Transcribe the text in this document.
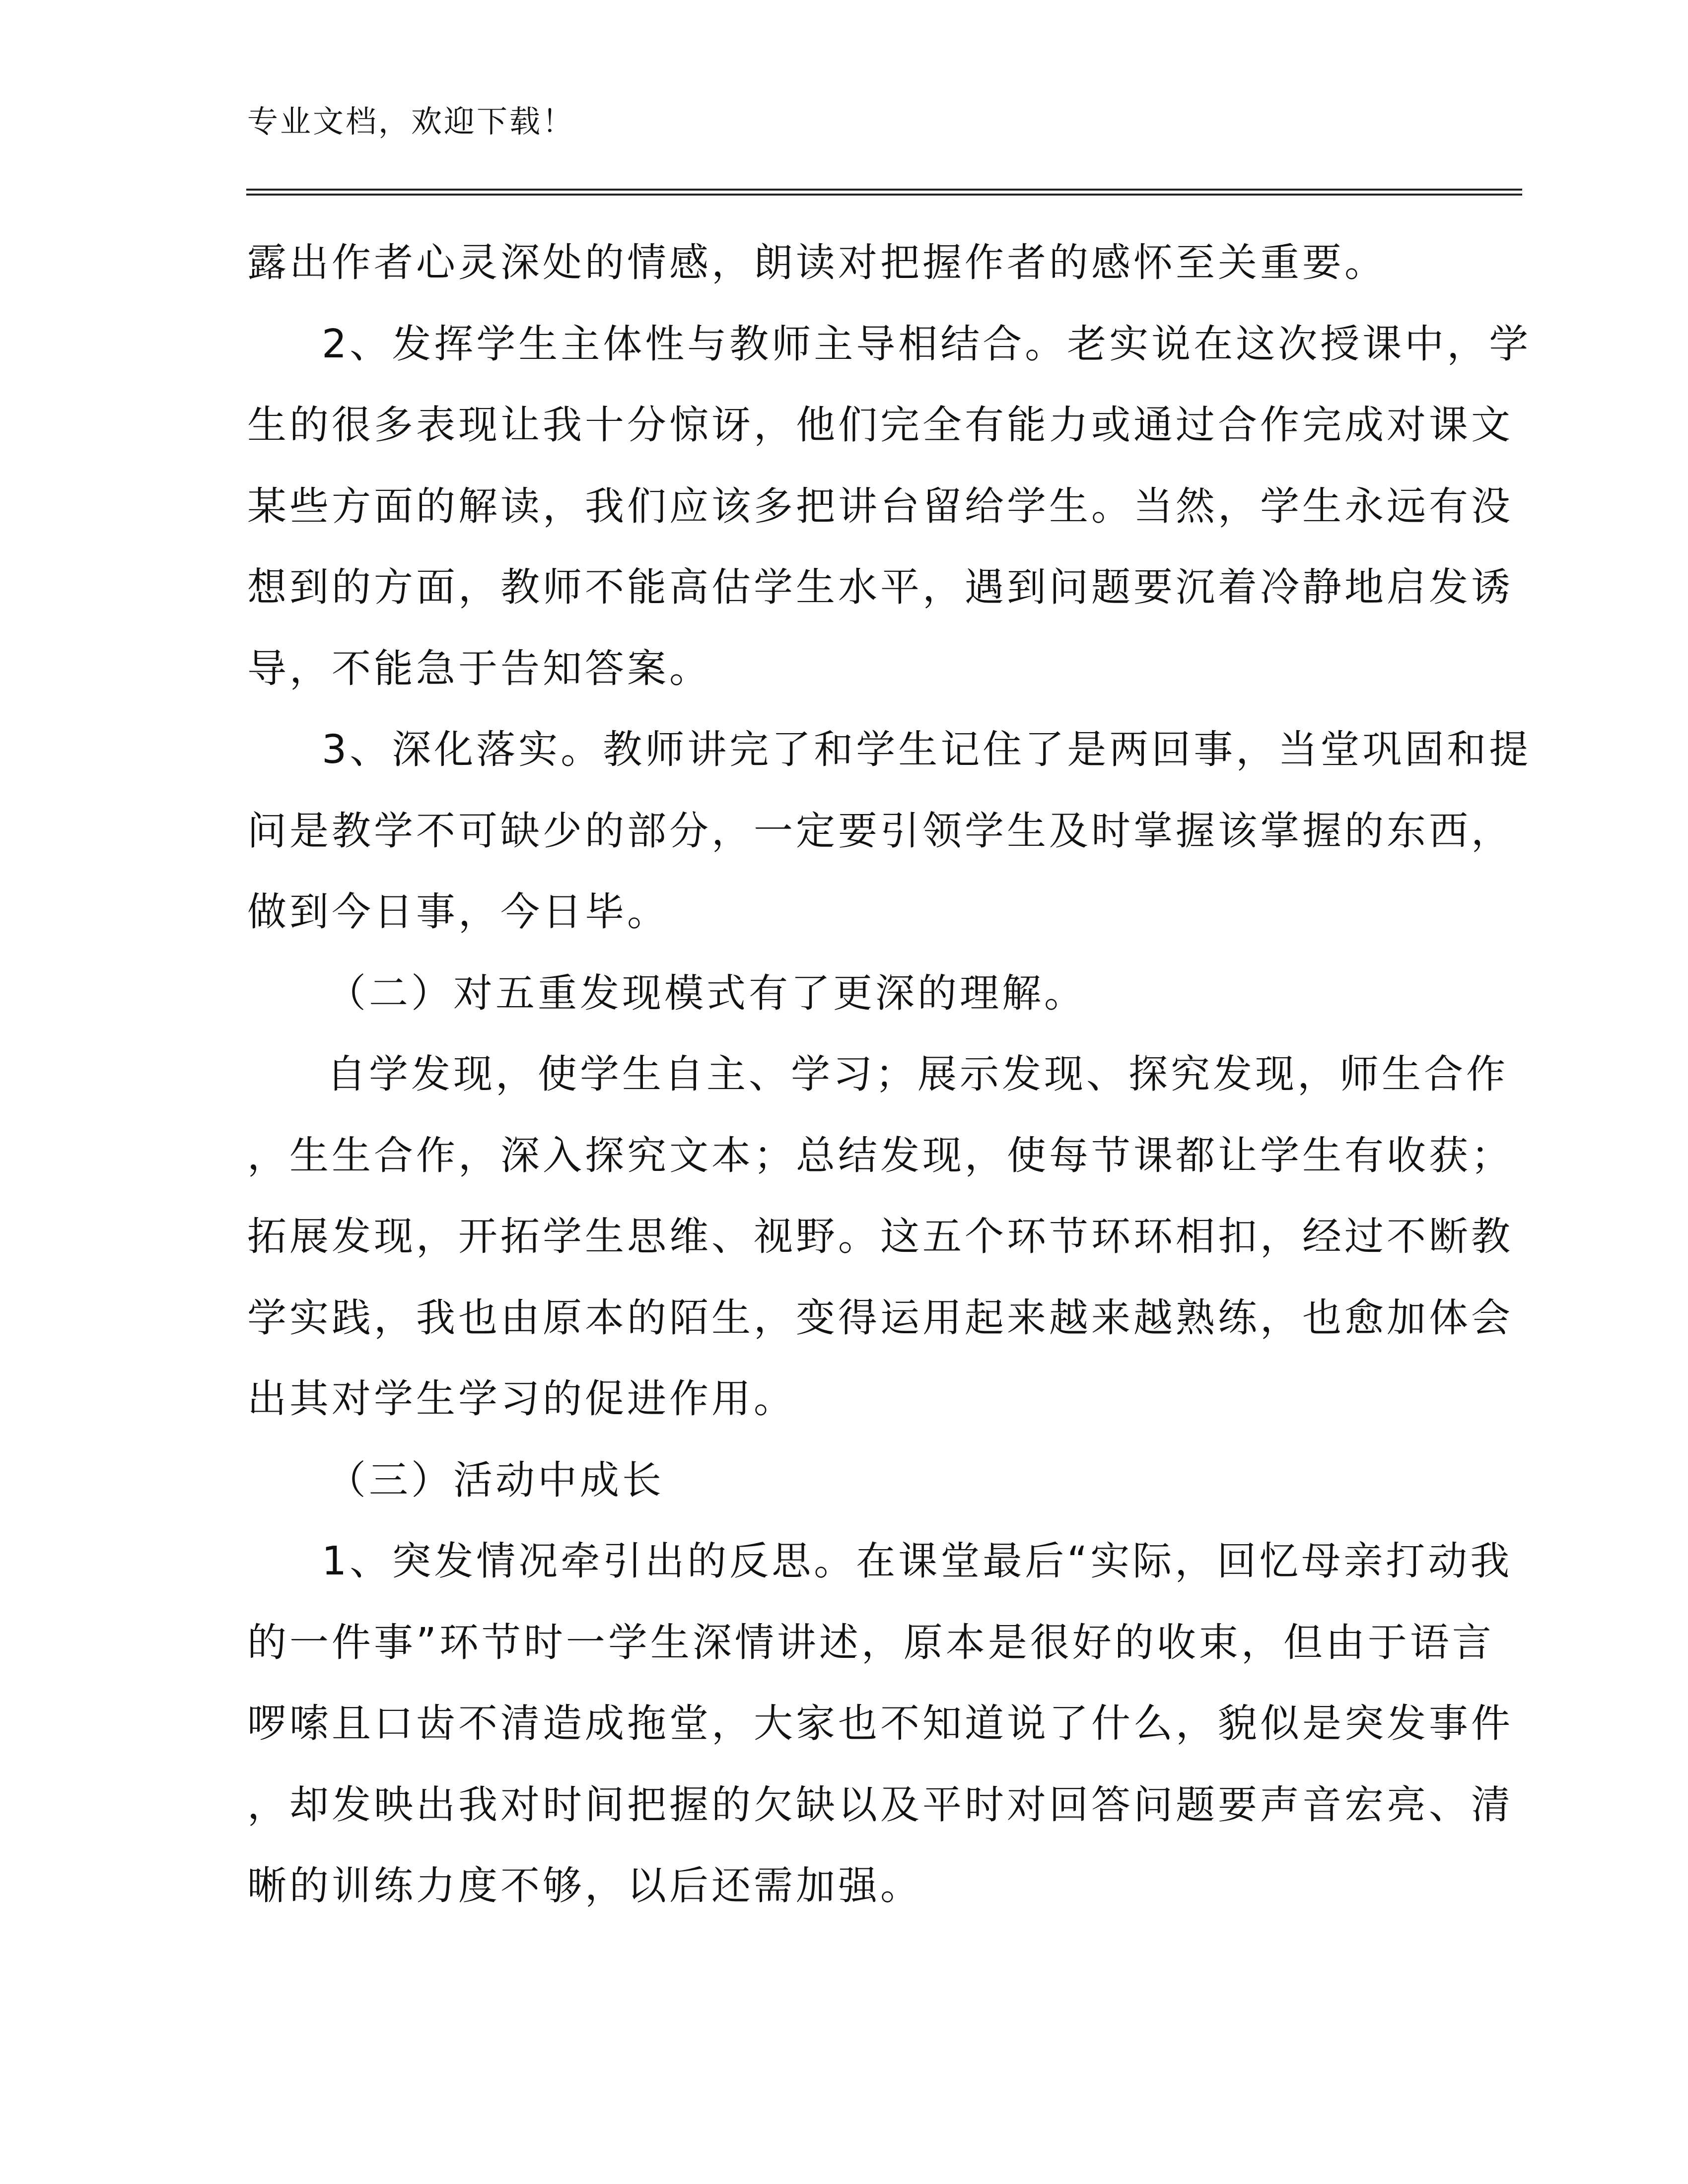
专业文档，欢迎下载！
露出作者心灵深处的情感，朗读对把握作者的感怀至关重要。
2、发挥学生主体性与教师主导相结合。老实说在这次授课中，学
生的很多表现让我十分惊讶，他们完全有能力或通过合作完成对课文
某些方面的解读，我们应该多把讲台留给学生。当然，学生永远有没
想到的方面，教师不能高估学生水平，遇到问题要沉着冷静地启发诱
导，不能急于告知答案。
3、深化落实。教师讲完了和学生记住了是两回事，当堂巩固和提
问是教学不可缺少的部分，一定要引领学生及时掌握该掌握的东西，
做到今日事，今日毕。
（二）对五重发现模式有了更深的理解。
自学发现，使学生自主、学习；展示发现、探究发现，师生合作
，生生合作，深入探究文本；总结发现，使每节课都让学生有收获；
拓展发现，开拓学生思维、视野。这五个环节环环相扣，经过不断教
学实践，我也由原本的陌生，变得运用起来越来越熟练，也愈加体会
出其对学生学习的促进作用。
（三）活动中成长
1、突发情况牵引出的反思。在课堂最后“实际，回忆母亲打动我
的一件事”环节时一学生深情讲述，原本是很好的收束，但由于语言
啰嗦且口齿不清造成拖堂，大家也不知道说了什么，貌似是突发事件
，却发映出我对时间把握的欠缺以及平时对回答问题要声音宏亮、清
晰的训练力度不够，以后还需加强。
